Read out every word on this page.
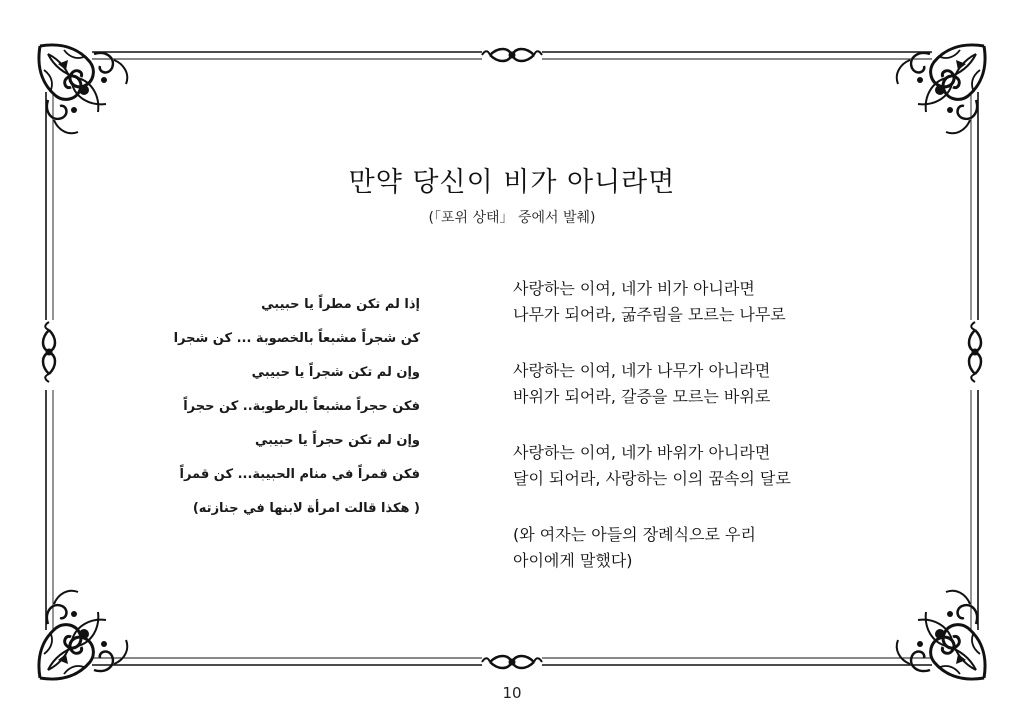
만약 당신이 비가 아니라면
(「포위 상태」 중에서 발췌)
إذا لم تكن مطراً يا حبيبي
كن شجراً مشبعاً بالخصوبة ... كن شجرا
وإن لم تكن شجراً يا حبيبي
فكن حجراً مشبعاً بالرطوبة.. كن حجراً
وإن لم تكن حجراً يا حبيبي
فكن قمراً في منام الحبيبة... كن قمراً
( هكذا قالت امرأة لابنها في جنازته)
사랑하는 이여, 네가 비가 아니라면
나무가 되어라, 굶주림을 모르는 나무로
사랑하는 이여, 네가 나무가 아니라면
바위가 되어라, 갈증을 모르는 바위로
사랑하는 이여, 네가 바위가 아니라면
달이 되어라, 사랑하는 이의 꿈속의 달로
(와 여자는 아들의 장례식으로 우리
아이에게 말했다)
10
